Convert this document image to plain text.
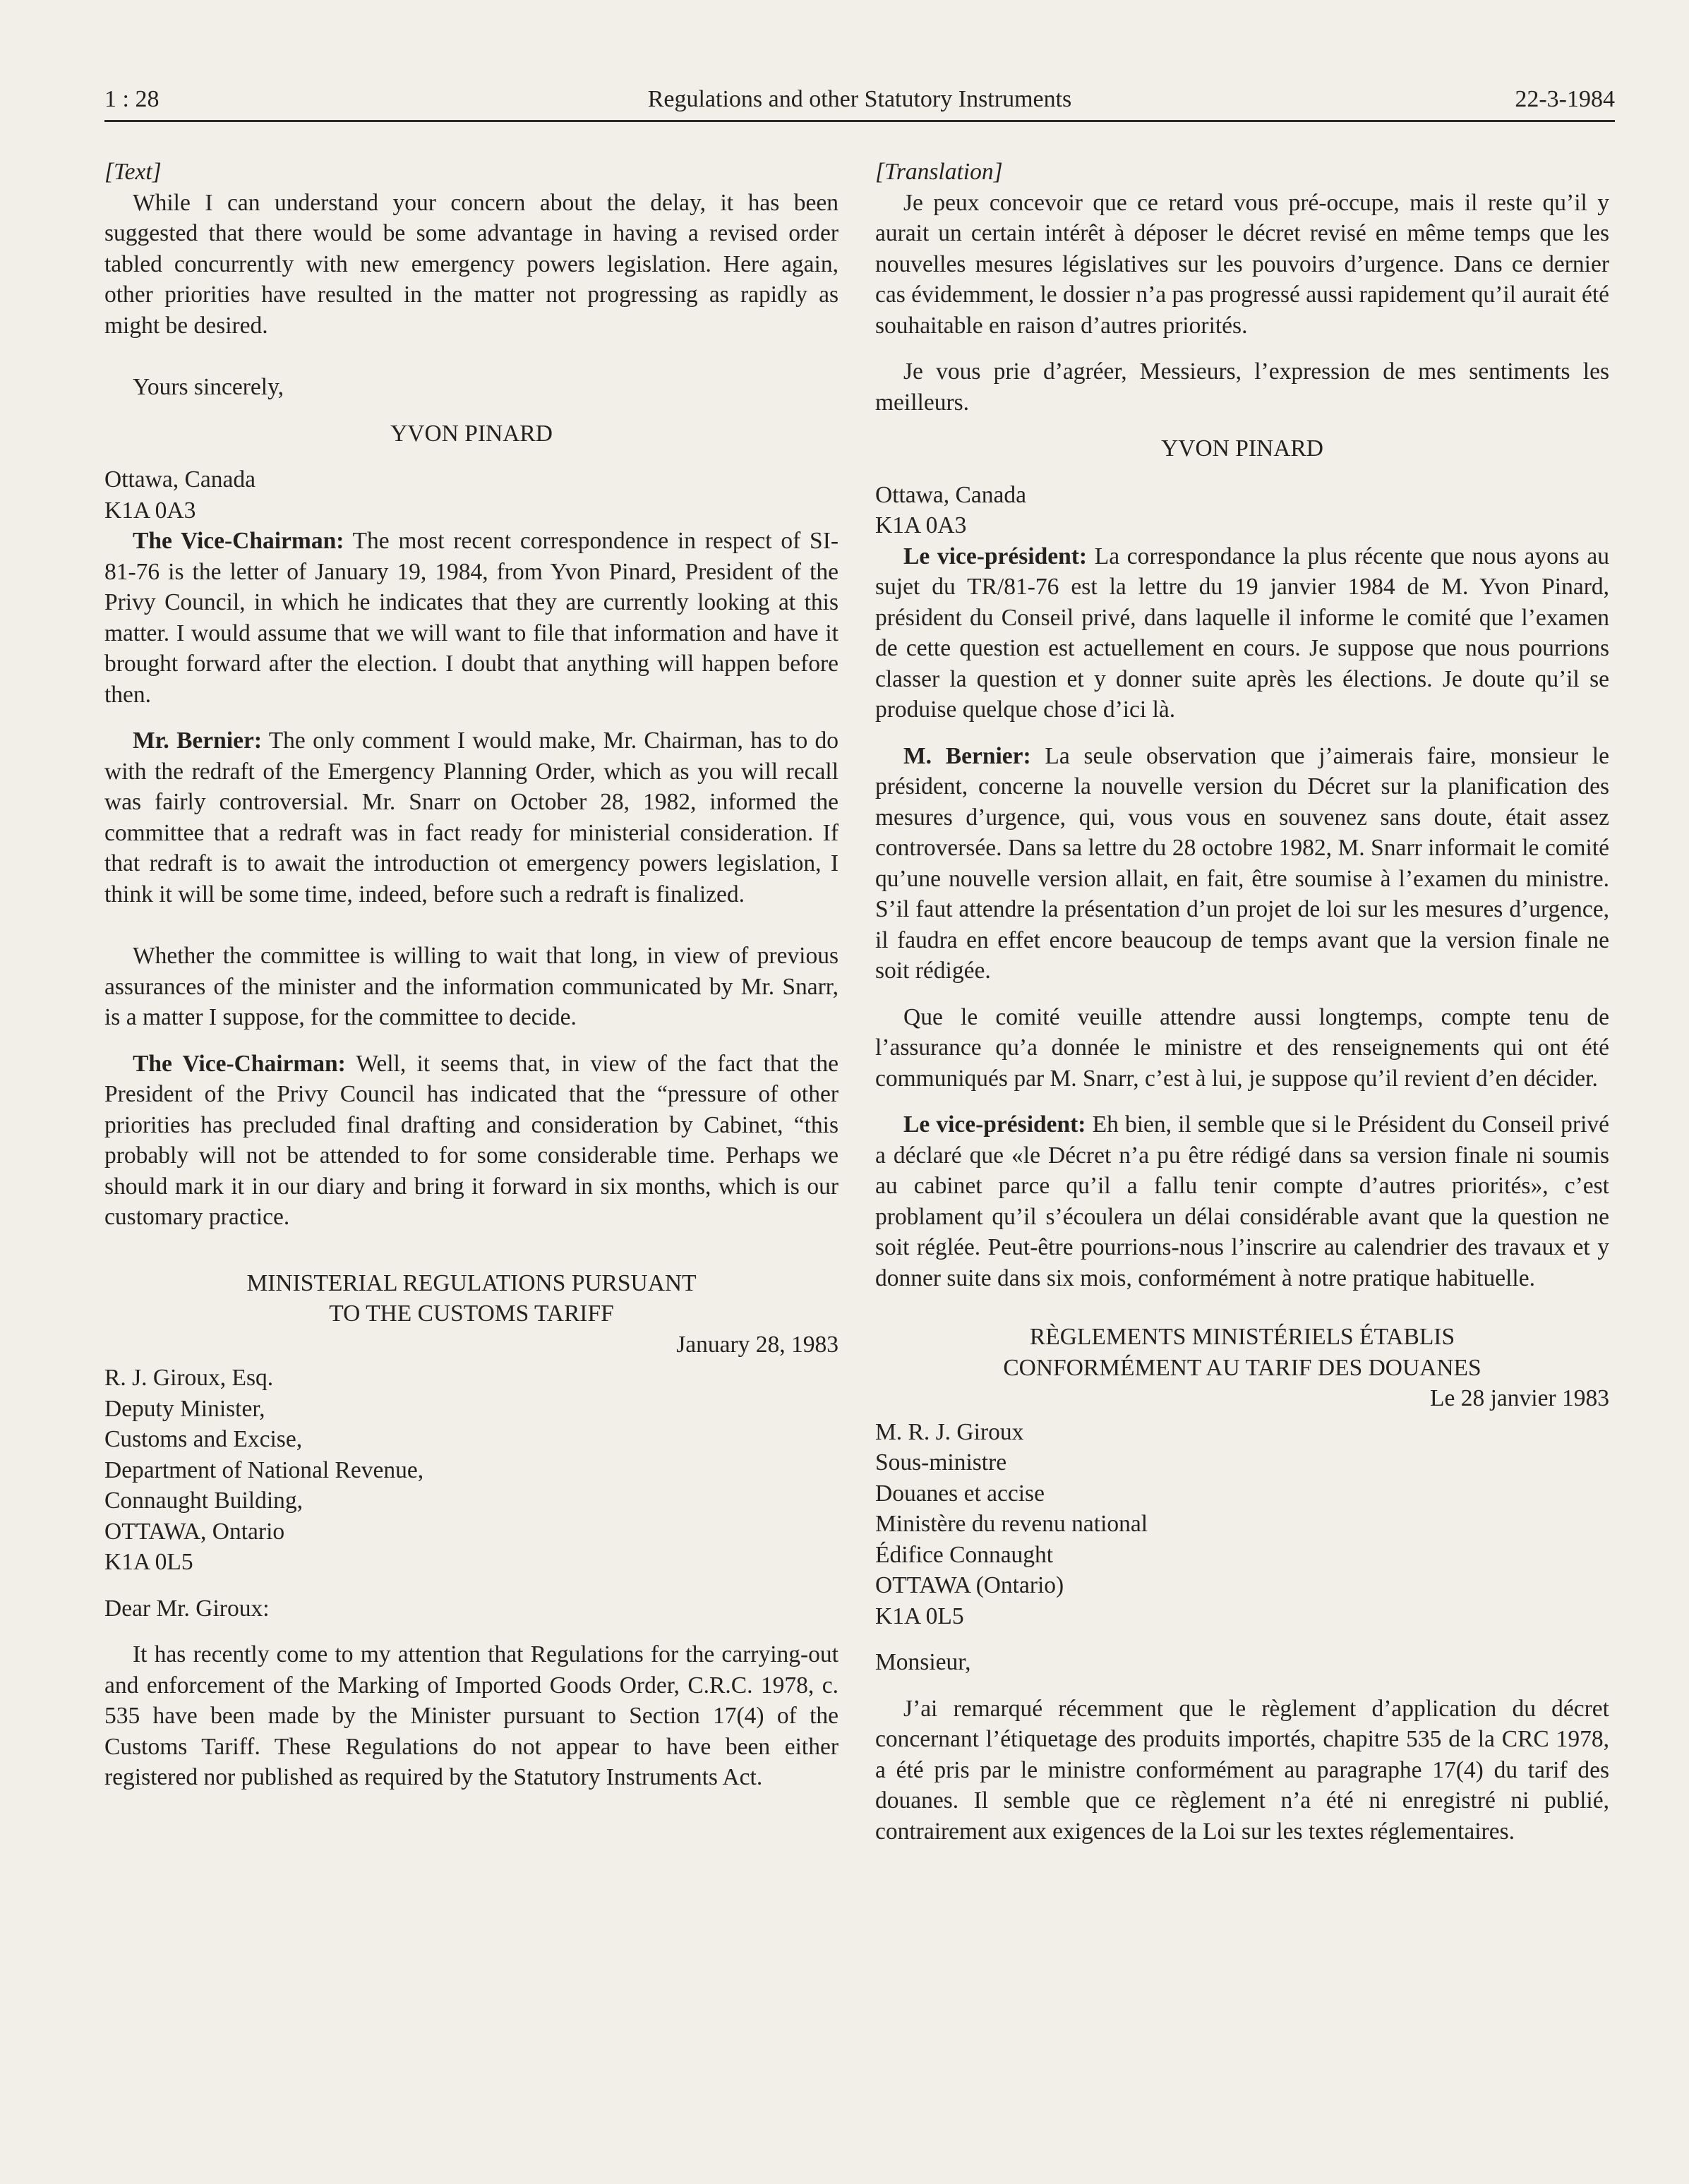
1 : 28	Regulations and other Statutory Instruments	22-3-1984

[Text]

While I can understand your concern about the delay, it has been suggested that there would be some advantage in having a revised order tabled concurrently with new emergency powers legislation. Here again, other priorities have resulted in the matter not progressing as rapidly as might be desired.

Yours sincerely,

YVON PINARD

Ottawa, Canada

K1A 0A3

The Vice-Chairman: The most recent correspondence in respect of SI-81-76 is the letter of January 19, 1984, from Yvon Pinard, President of the Privy Council, in which he indicates that they are currently looking at this matter. I would assume that we will want to file that information and have it brought forward after the election. I doubt that anything will happen before then.

Mr. Bernier: The only comment I would make, Mr. Chairman, has to do with the redraft of the Emergency Planning Order, which as you will recall was fairly controversial. Mr. Snarr on October 28, 1982, informed the committee that a redraft was in fact ready for ministerial consideration. If that redraft is to await the introduction ot emergency powers legislation, I think it will be some time, indeed, before such a redraft is finalized.

Whether the committee is willing to wait that long, in view of previous assurances of the minister and the information communicated by Mr. Snarr, is a matter I suppose, for the committee to decide.

The Vice-Chairman: Well, it seems that, in view of the fact that the President of the Privy Council has indicated that the “pressure of other priorities has precluded final drafting and consideration by Cabinet, “this probably will not be attended to for some considerable time. Perhaps we should mark it in our diary and bring it forward in six months, which is our customary practice.

MINISTERIAL REGULATIONS PURSUANT

TO THE CUSTOMS TARIFF

January 28, 1983

R. J. Giroux, Esq.

Deputy Minister,

Customs and Excise,

Department of National Revenue,

Connaught Building,

OTTAWA, Ontario

K1A 0L5

Dear Mr. Giroux:

It has recently come to my attention that Regulations for the carrying-out and enforcement of the Marking of Imported Goods Order, C.R.C. 1978, c. 535 have been made by the Minister pursuant to Section 17(4) of the Customs Tariff. These Regulations do not appear to have been either registered nor published as required by the Statutory Instruments Act.

[Translation]

Je peux concevoir que ce retard vous pré-occupe, mais il reste qu’il y aurait un certain intérêt à déposer le décret revisé en même temps que les nouvelles mesures législatives sur les pouvoirs d’urgence. Dans ce dernier cas évidemment, le dossier n’a pas progressé aussi rapidement qu’il aurait été souhaitable en raison d’autres priorités.

Je vous prie d’agréer, Messieurs, l’expression de mes sentiments les meilleurs.

YVON PINARD

Ottawa, Canada

K1A 0A3

Le vice-président: La correspondance la plus récente que nous ayons au sujet du TR/81-76 est la lettre du 19 janvier 1984 de M. Yvon Pinard, président du Conseil privé, dans laquelle il informe le comité que l’examen de cette question est actuellement en cours. Je suppose que nous pourrions classer la question et y donner suite après les élections. Je doute qu’il se produise quelque chose d’ici là.

M. Bernier: La seule observation que j’aimerais faire, monsieur le président, concerne la nouvelle version du Décret sur la planification des mesures d’urgence, qui, vous vous en souvenez sans doute, était assez controversée. Dans sa lettre du 28 octobre 1982, M. Snarr informait le comité qu’une nouvelle version allait, en fait, être soumise à l’examen du ministre. S’il faut attendre la présentation d’un projet de loi sur les mesures d’urgence, il faudra en effet encore beaucoup de temps avant que la version finale ne soit rédigée.

Que le comité veuille attendre aussi longtemps, compte tenu de l’assurance qu’a donnée le ministre et des renseignements qui ont été communiqués par M. Snarr, c’est à lui, je suppose qu’il revient d’en décider.

Le vice-président: Eh bien, il semble que si le Président du Conseil privé a déclaré que «le Décret n’a pu être rédigé dans sa version finale ni soumis au cabinet parce qu’il a fallu tenir compte d’autres priorités», c’est problament qu’il s’écoulera un délai considérable avant que la question ne soit réglée. Peut-être pourrions-nous l’inscrire au calendrier des travaux et y donner suite dans six mois, conformément à notre pratique habituelle.

RÈGLEMENTS MINISTÉRIELS ÉTABLIS

CONFORMÉMENT AU TARIF DES DOUANES

Le 28 janvier 1983

M. R. J. Giroux

Sous-ministre

Douanes et accise

Ministère du revenu national

Édifice Connaught

OTTAWA (Ontario)

K1A 0L5

Monsieur,

J’ai remarqué récemment que le règlement d’application du décret concernant l’étiquetage des produits importés, chapitre 535 de la CRC 1978, a été pris par le ministre conformément au paragraphe 17(4) du tarif des douanes. Il semble que ce règlement n’a été ni enregistré ni publié, contrairement aux exigences de la Loi sur les textes réglementaires.
